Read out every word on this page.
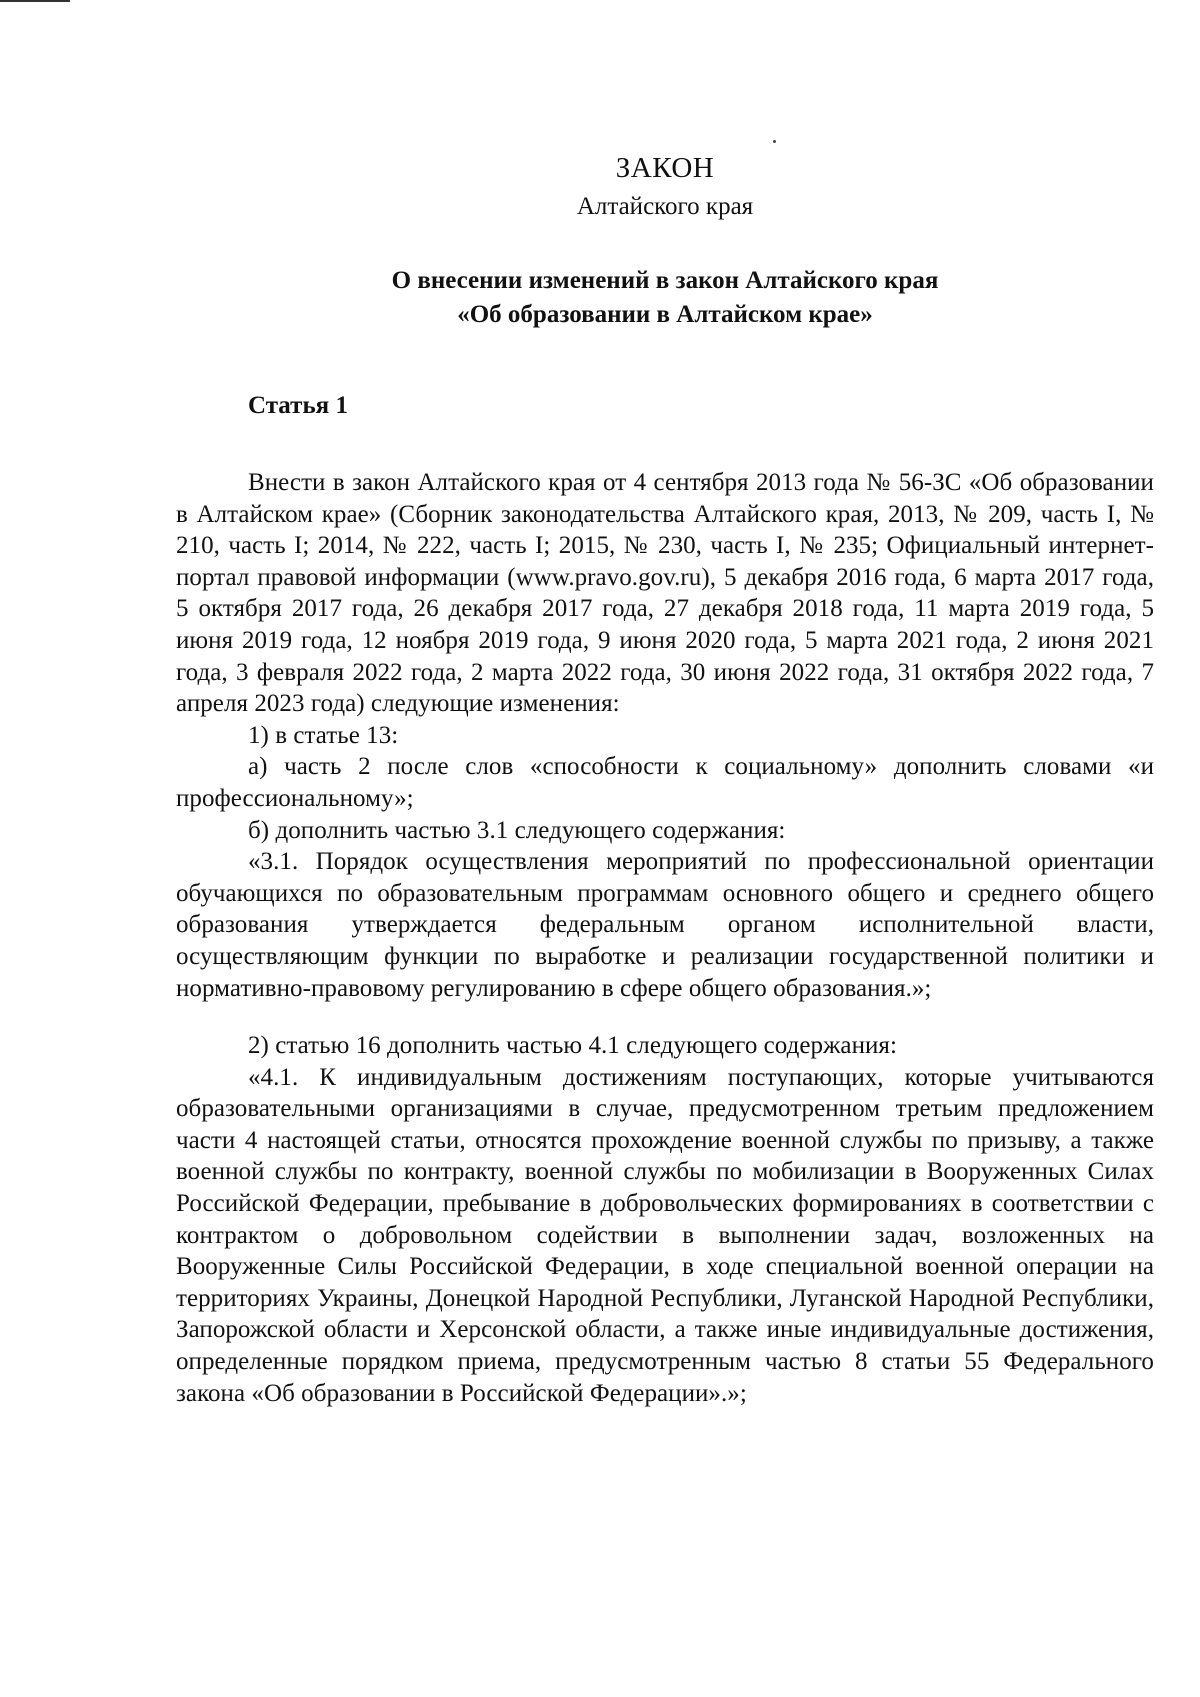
ЗАКОН

Алтайского края

О внесении изменений в закон Алтайского края
«Об образовании в Алтайском крае»
Статья 1

Внести в закон Алтайского края от 4 сентября 2013 года № 56-ЗС «Об образовании в Алтайском крае» (Сборник законодательства Алтайского края, 2013, № 209, часть I, № 210, часть I; 2014, № 222, часть I; 2015, № 230, часть I, № 235; Официальный интернет-портал правовой информации (www.pravo.gov.ru), 5 декабря 2016 года, 6 марта 2017 года, 5 октября 2017 года, 26 декабря 2017 года, 27 декабря 2018 года, 11 марта 2019 года, 5 июня 2019 года, 12 ноября 2019 года, 9 июня 2020 года, 5 марта 2021 года, 2 июня 2021 года, 3 февраля 2022 года, 2 марта 2022 года, 30 июня 2022 года, 31 октября 2022 года, 7 апреля 2023 года) следующие изменения:

1) в статье 13:

а) часть 2 после слов «способности к социальному» дополнить словами «и профессиональному»;

б) дополнить частью 3.1 следующего содержания:

«3.1. Порядок осуществления мероприятий по профессиональной ориентации обучающихся по образовательным программам основного общего и среднего общего образования утверждается федеральным органом исполнительной власти, осуществляющим функции по выработке и реализации государственной политики и нормативно-правовому регулированию в сфере общего образования.»;

2) статью 16 дополнить частью 4.1 следующего содержания:

«4.1. К индивидуальным достижениям поступающих, которые учитываются образовательными организациями в случае, предусмотренном третьим предложением части 4 настоящей статьи, относятся прохождение военной службы по призыву, а также военной службы по контракту, военной службы по мобилизации в Вооруженных Силах Российской Федерации, пребывание в добровольческих формированиях в соответствии с контрактом о добровольном содействии в выполнении задач, возложенных на Вооруженные Силы Российской Федерации, в ходе специальной военной операции на территориях Украины, Донецкой Народной Республики, Луганской Народной Республики, Запорожской области и Херсонской области, а также иные индивидуальные достижения, определенные порядком приема, предусмотренным частью 8 статьи 55 Федерального закона «Об образовании в Российской Федерации».»;
